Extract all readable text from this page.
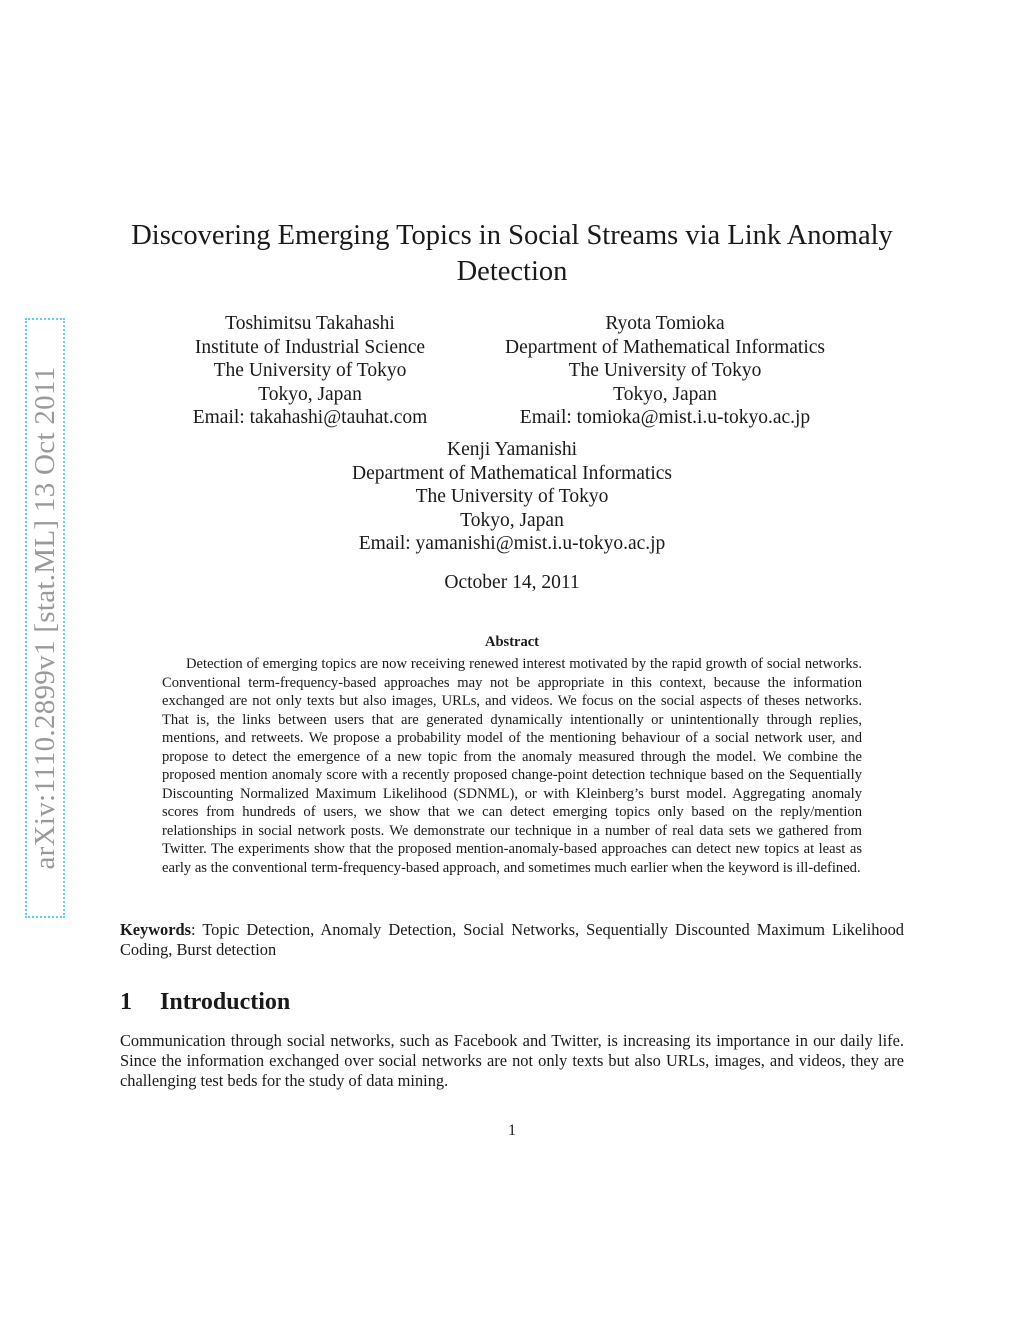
arXiv:1110.2899v1 [stat.ML] 13 Oct 2011
Discovering Emerging Topics in Social Streams via Link Anomaly
Detection
Toshimitsu Takahashi
Institute of Industrial Science
The University of Tokyo
Tokyo, Japan
Email: takahashi@tauhat.com
Ryota Tomioka
Department of Mathematical Informatics
The University of Tokyo
Tokyo, Japan
Email: tomioka@mist.i.u-tokyo.ac.jp
Kenji Yamanishi
Department of Mathematical Informatics
The University of Tokyo
Tokyo, Japan
Email: yamanishi@mist.i.u-tokyo.ac.jp
October 14, 2011
Abstract

Detection of emerging topics are now receiving renewed interest motivated by the rapid growth of social networks. Conventional term-frequency-based approaches may not be appropriate in this context, because the information exchanged are not only texts but also images, URLs, and videos. We focus on the social aspects of theses networks. That is, the links between users that are generated dynamically intentionally or unintentionally through replies, mentions, and retweets. We propose a probability model of the mentioning behaviour of a social network user, and propose to detect the emergence of a new topic from the anomaly measured through the model. We combine the proposed mention anomaly score with a recently proposed change-point detection technique based on the Sequentially Discounting Normalized Maximum Likelihood (SDNML), or with Kleinberg’s burst model. Aggregating anomaly scores from hundreds of users, we show that we can detect emerging topics only based on the reply/mention relationships in social network posts. We demonstrate our technique in a number of real data sets we gathered from Twitter. The experiments show that the proposed mention-anomaly-based approaches can detect new topics at least as early as the conventional term-frequency-based approach, and sometimes much earlier when the keyword is ill-defined.

Keywords: Topic Detection, Anomaly Detection, Social Networks, Sequentially Discounted Maximum Likelihood Coding, Burst detection

1 Introduction

Communication through social networks, such as Facebook and Twitter, is increasing its importance in our daily life. Since the information exchanged over social networks are not only texts but also URLs, images, and videos, they are challenging test beds for the study of data mining.

1
